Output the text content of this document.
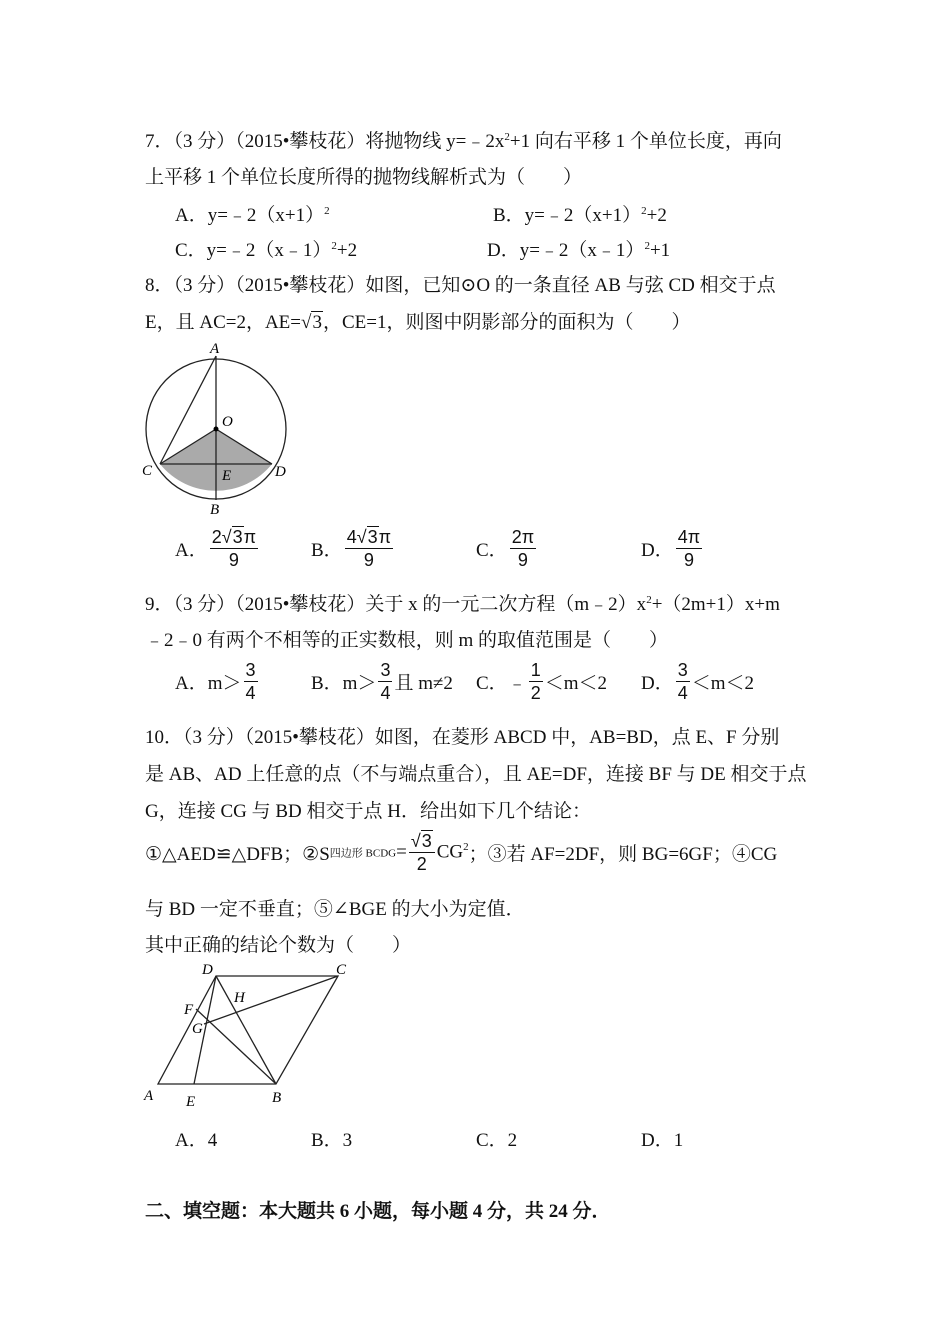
7．（3 分）（2015•攀枝花）将抛物线 $y=﹣2x^2+1$ 向右平移 1 个单位长度，再向
上平移 1 个单位长度所得的抛物线解析式为（　　）
A．$y=﹣2(x+1)^2$	B．$y=﹣2(x+1)^2+2$
C．y=﹣2（x﹣1）$^2$+2	D．y=﹣2（x﹣1）$^2$+1
8．（3 分）（2015•攀枝花）如图，已知⊙O 的一条直径 AB 与弦 CD 相交于点
E，且 AC=2，AE=√3，CE=1，则图中阴影部分的面积为（　　）
A
O
C	D
E
B
A． $\frac{2√3\pi}{9}$	B． $\frac{4√3\pi}{9}$	C． $\frac{2\pi}{9}$	D． $\frac{4\pi}{9}$
9．（3 分）（2015•攀枝花）关于 x 的一元二次方程$(m﹣2)x^2+(2m+1)x+m$
﹣2﹣0 有两个不相等的正实数根，则 m 的取值范围是（　　）
A．$m> \frac{3}{4}$	B．$m> \frac{3}{4}$ 且 m≠2 C．﹣ $\frac{1}{2} <m<2$ D． $\frac{3}{4} <m<2$
10．（3 分）（2015•攀枝花）如图，在菱形 ABCD 中，AB=BD，点 E、F 分别
是 AB、AD 上任意的点（不与端点重合），且 AE=DF，连接 BF 与 DE 相交于点
G，连接 CG 与 BD 相交于点 H．给出如下几个结论：
①△AED≌△DFB；②S四边形 BCDG= $\frac{√3}{2} CG^2$；③若 AF=2DF，则 BG=6GF；④CG
与 BD 一定不垂直；⑤∠BGE 的大小为定值．
其中正确的结论个数为（　　）
D	C
H
F
G
A E	B
A．4	B．3	C．2	D．1
二、填空题：本大题共 6 小题，每小题 4 分，共 24 分．
